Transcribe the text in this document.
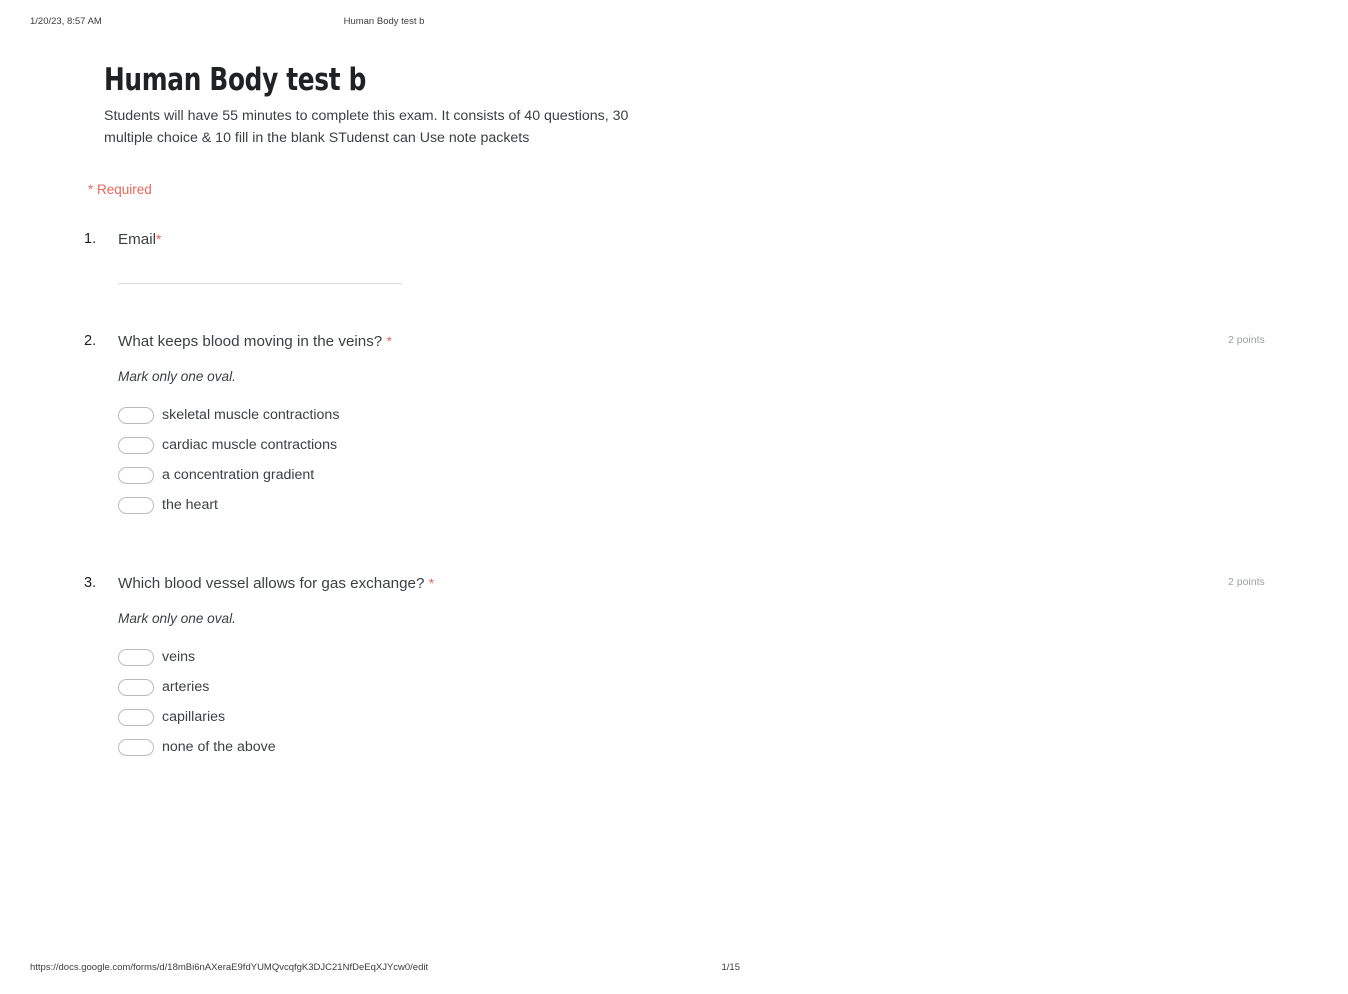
1/20/23, 8:57 AM	Human Body test b
Human Body test b

Students will have 55 minutes to complete this exam. It consists of 40 questions, 30 multiple choice & 10 fill in the blank STudenst can Use note packets

* Required

1.	Email*
2.	What keeps blood moving in the veins? *	2 points
Mark only one oval.
skeletal muscle contractions
cardiac muscle contractions
a concentration gradient
the heart
3.	Which blood vessel allows for gas exchange? *	2 points
Mark only one oval.
veins
arteries
capillaries
none of the above
https://docs.google.com/forms/d/18mBi6nAXeraE9fdYUMQvcqfgK3DJC21NfDeEqXJYcw0/edit	1/15
